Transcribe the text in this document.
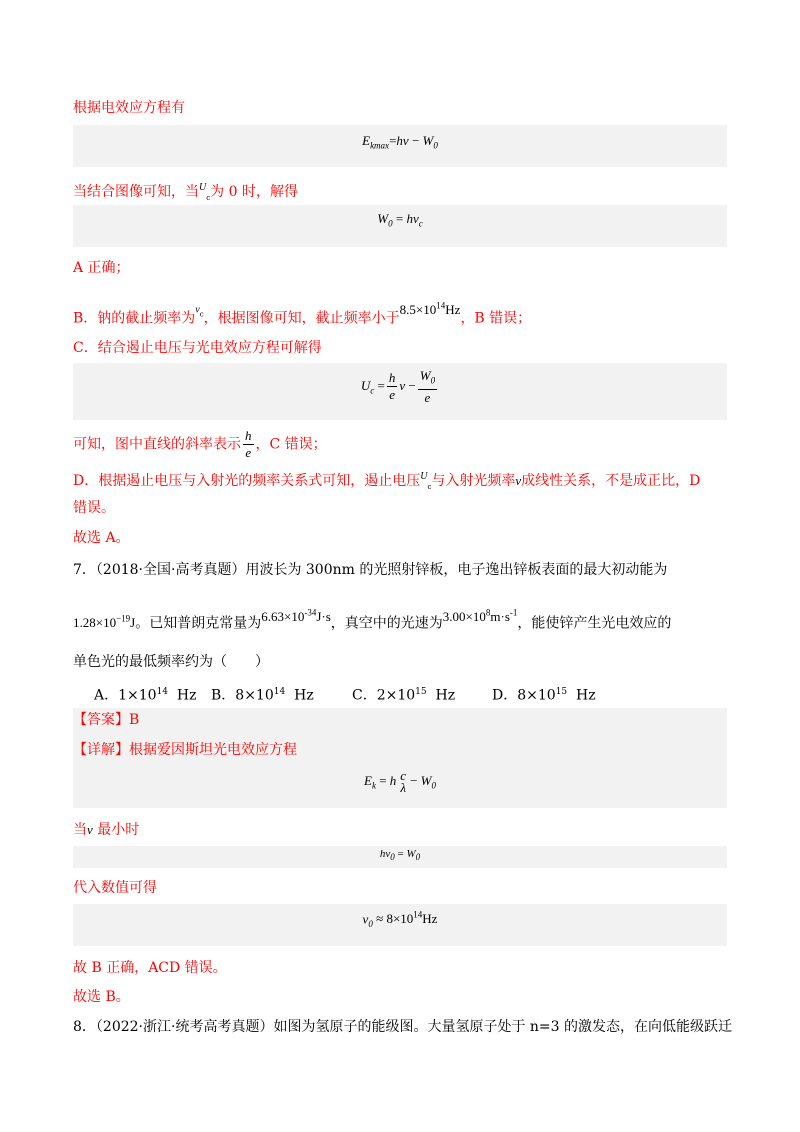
根据电效应方程有
$E_{kmax}=h\nu - W_0$
当结合图像可知，当$^U_c$为 0 时，解得
$W_0 = h\nu_c$
A 正确；
B．钠的截止频率为$^\nu_c$，根据图像可知，截止频率小于$8.5\times 10^{14}Hz$，B 错误；
C．结合遏止电压与光电效应方程可解得
$U_c = \frac{h}{e}$ $\nu - \frac{W_0}{e}$
可知，图中直线的斜率表示 $\frac{h}{e}$ ，C 错误；
D．根据遏止电压与入射光的频率关系式可知，遏止电压$^U_c$与入射光频率ν成线性关系，不是成正比，D
错误。
故选 A。
7．（2018·全国·高考真题）用波长为 300nm 的光照射锌板，电子逸出锌板表面的最大初动能为
$1.28\times 10^{-19}J$。已知普朗克常量为$6.63\times 10^{-34}J\cdot s$，真空中的光速为$3.00\times 10^8m\cdot s^{-1}$，能使锌产生光电效应的
单色光的最低频率约为（　　）
A．$1\times 10^{14}$ Hz B．$8\times 10^{14}$ Hz	C．$2\times 10^{15}$ Hz	D．$8\times 10^{15}$ Hz
【答案】B
【详解】根据爱因斯坦光电效应方程
$E_k = h$ c
$\lambda - W_0$
当ν 最小时
$h\nu_0 = W_0$
代入数值可得
$\nu_0 \approx 8\times 10^{14}Hz$
故 B 正确，ACD 错误。
故选 B。
8．（2022·浙江·统考高考真题）如图为氢原子的能级图。大量氢原子处于 n=3 的激发态，在向低能级跃迁
